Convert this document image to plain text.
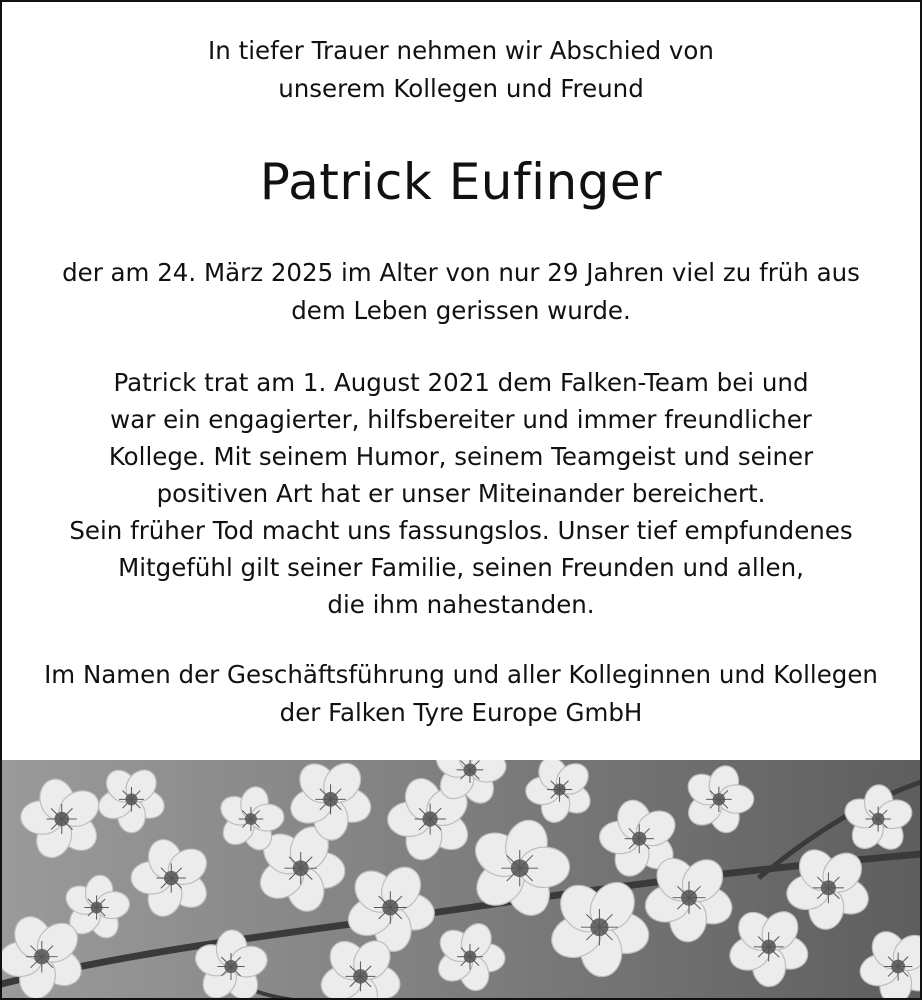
In tiefer Trauer nehmen wir Abschied von
unserem Kollegen und Freund
Patrick Eufinger
der am 24. März 2025 im Alter von nur 29 Jahren viel zu früh aus
dem Leben gerissen wurde.
Patrick trat am 1. August 2021 dem Falken-Team bei und
war ein engagierter, hilfsbereiter und immer freundlicher
Kollege. Mit seinem Humor, seinem Teamgeist und seiner
positiven Art hat er unser Miteinander bereichert.
Sein früher Tod macht uns fassungslos. Unser tief empfundenes
Mitgefühl gilt seiner Familie, seinen Freunden und allen,
die ihm nahestanden.
Im Namen der Geschäftsführung und aller Kolleginnen und Kollegen
der Falken Tyre Europe GmbH
